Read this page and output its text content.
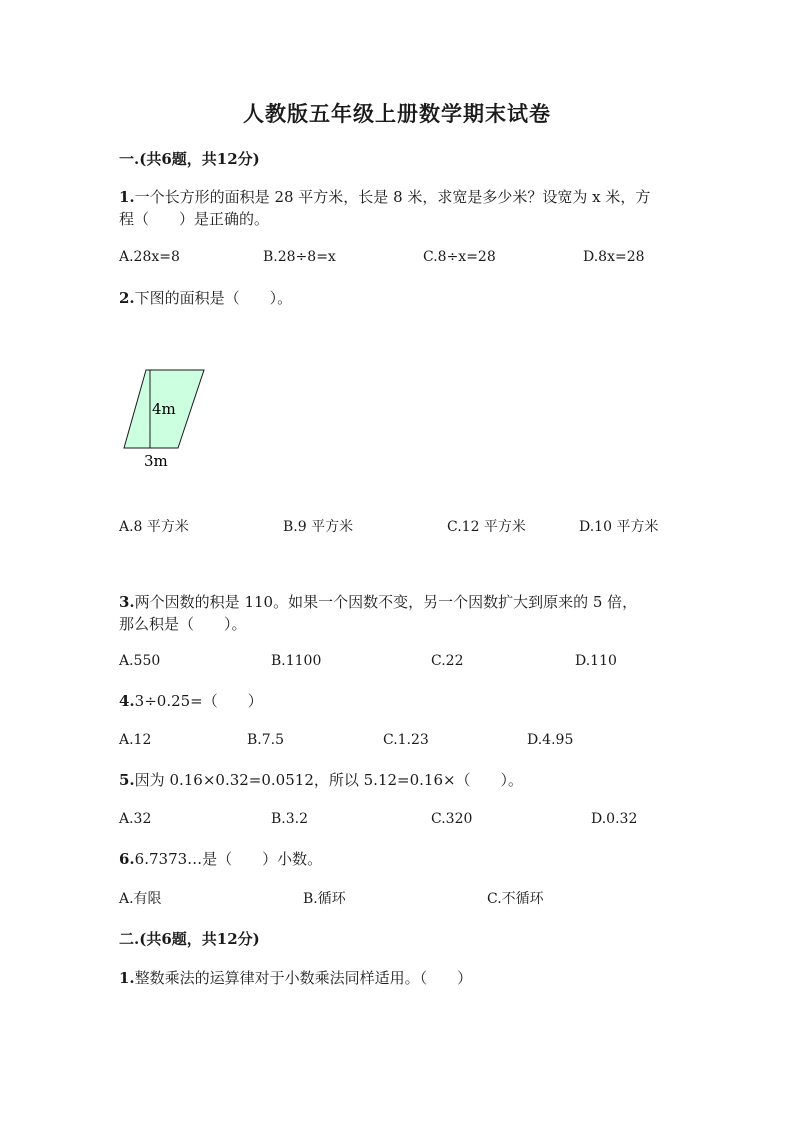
人教版五年级上册数学期末试卷
一.(共6题，共12分)
1.一个长方形的面积是 28 平方米，长是 8 米，求宽是多少米？设宽为 x 米，方
程（　　）是正确的。
A.28x=8	B.28÷8=x	C.8÷x=28	D.8x=28
2.下图的面积是（　　）。
4m
3m
A.8 平方米	B.9 平方米	C.12 平方米	D.10 平方米
3.两个因数的积是 110。如果一个因数不变，另一个因数扩大到原来的 5 倍，
那么积是（　　）。
A.550	B.1100	C.22	D.110
4.3÷0.25=（　　）
A.12	B.7.5	C.1.23	D.4.95
5.因为 0.16×0.32=0.0512，所以 5.12=0.16×（　　）。
A.32	B.3.2	C.320	D.0.32
6.6.7373…是（　　）小数。
A.有限	B.循环	C.不循环
二.(共6题，共12分)
1.整数乘法的运算律对于小数乘法同样适用。（　　）
